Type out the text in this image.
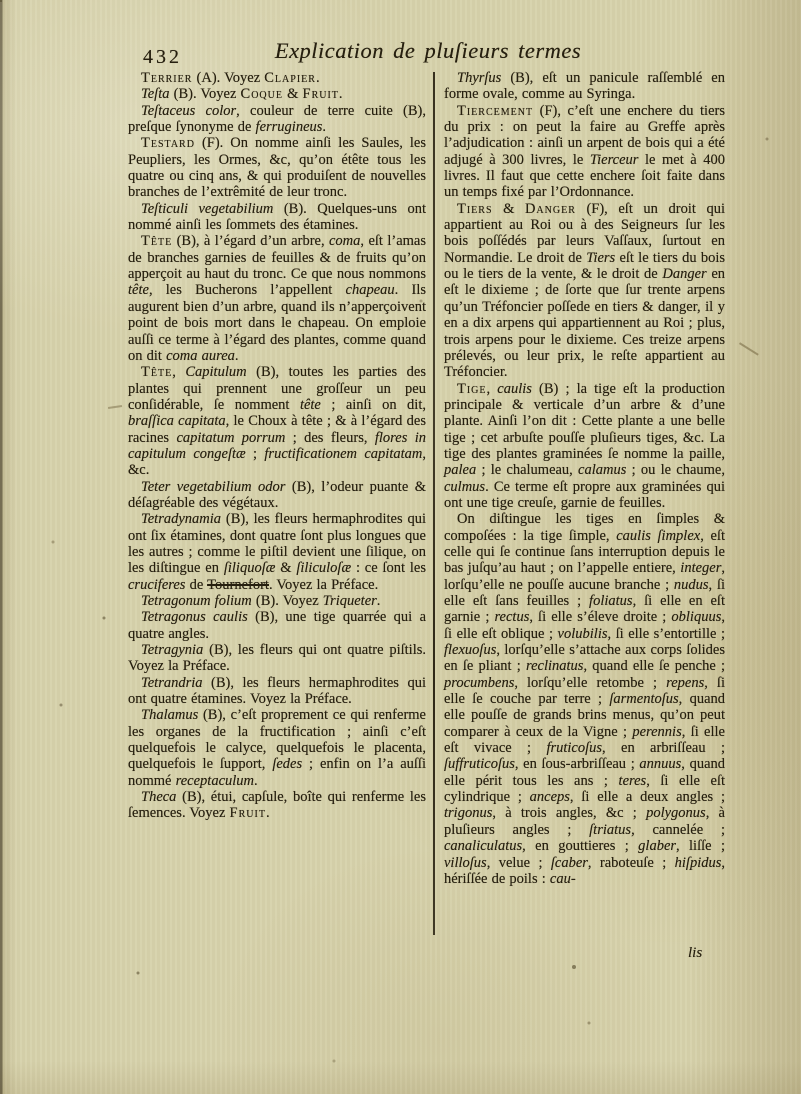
432	Explication de pluſieurs termes

Terrier (A). Voyez Clapier.

Teſta (B). Voyez Coque & Fruit.

Teſtaceus color, couleur de terre cuite (B), preſque ſynonyme de ferrugineus.

Testard (F). On nomme ainſi les Saules, les Peupliers, les Ormes, &c, qu’on étête tous les quatre ou cinq ans, & qui produiſent de nouvelles branches de l’extrêmité de leur tronc.

Teſticuli vegetabilium (B). Quelques-uns ont nommé ainſi les ſommets des étamines.

Tête (B), à l’égard d’un arbre, coma, eſt l’amas de branches garnies de feuilles & de fruits qu’on apperçoit au haut du tronc. Ce que nous nommons tête, les Bucherons l’appellent chapeau. Ils augurent bien d’un arbre, quand ils n’apperçoivent point de bois mort dans le chapeau. On emploie auſſi ce terme à l’égard des plantes, comme quand on dit coma aurea.

Tête, Capitulum (B), toutes les parties des plantes qui prennent une groſſeur un peu conſidérable, ſe nomment tête ; ainſi on dit, braſſica capitata, le Choux à tête ; & à l’égard des racines capitatum porrum ; des fleurs, flores in capitulum congeſtæ ; fructificationem capitatam, &c.

Teter vegetabilium odor (B), l’odeur puante & déſagréable des végétaux.

Tetradynamia (B), les fleurs hermaphrodites qui ont ſix étamines, dont quatre ſont plus longues que les autres ; comme le piſtil devient une ſilique, on les diſtingue en ſiliquoſæ & ſiliculoſæ : ce ſont les cruciferes de Tournefort. Voyez la Préface.

Tetragonum folium (B). Voyez Triqueter.

Tetragonus caulis (B), une tige quarrée qui a quatre angles.

Tetragynia (B), les fleurs qui ont quatre piſtils. Voyez la Préface.

Tetrandria (B), les fleurs hermaphrodites qui ont quatre étamines. Voyez la Préface.

Thalamus (B), c’eſt proprement ce qui renferme les organes de la fructification ; ainſi c’eſt quelquefois le calyce, quelquefois le placenta, quelquefois le ſupport, ſedes ; enfin on l’a auſſi nommé receptaculum.

Theca (B), étui, capſule, boîte qui renferme les ſemences. Voyez Fruit.

Thyrſus (B), eſt un panicule raſſemblé en forme ovale, comme au Syringa.

Tiercement (F), c’eſt une enchere du tiers du prix : on peut la faire au Greffe après l’adjudication : ainſi un arpent de bois qui a été adjugé à 300 livres, le Tierceur le met à 400 livres. Il faut que cette enchere ſoit faite dans un temps fixé par l’Ordonnance.

Tiers & Danger (F), eſt un droit qui appartient au Roi ou à des Seigneurs ſur les bois poſſédés par leurs Vaſſaux, ſurtout en Normandie. Le droit de Tiers eſt le tiers du bois ou le tiers de la vente, & le droit de Danger en eſt le dixieme ; de ſorte que ſur trente arpens qu’un Tréfoncier poſſede en tiers & danger, il y en a dix arpens qui appartiennent au Roi ; plus, trois arpens pour le dixieme. Ces treize arpens prélevés, ou leur prix, le reſte appartient au Tréfoncier.

Tige, caulis (B) ; la tige eſt la production principale & verticale d’un arbre & d’une plante. Ainſi l’on dit : Cette plante a une belle tige ; cet arbuſte pouſſe pluſieurs tiges, &c. La tige des plantes graminées ſe nomme la paille, palea ; le chalumeau, calamus ; ou le chaume, culmus. Ce terme eſt propre aux graminées qui ont une tige creuſe, garnie de feuilles.

On diſtingue les tiges en ſimples & compoſées : la tige ſimple, caulis ſimplex, eſt celle qui ſe continue ſans interruption depuis le bas juſqu’au haut ; on l’appelle entiere, integer, lorſqu’elle ne pouſſe aucune branche ; nudus, ſi elle eſt ſans feuilles ; foliatus, ſi elle en eſt garnie ; rectus, ſi elle s’éleve droite ; obliquus, ſi elle eſt oblique ; volubilis, ſi elle s’entortille ; flexuoſus, lorſqu’elle s’attache aux corps ſolides en ſe pliant ; reclinatus, quand elle ſe penche ; procumbens, lorſqu’elle retombe ; repens, ſi elle ſe couche par terre ; ſarmentoſus, quand elle pouſſe de grands brins menus, qu’on peut comparer à ceux de la Vigne ; perennis, ſi elle eſt vivace ; fruticoſus, en arbriſſeau ; ſuffruticoſus, en ſous-arbriſſeau ; annuus, quand elle périt tous les ans ; teres, ſi elle eſt cylindrique ; anceps, ſi elle a deux angles ; trigonus, à trois angles, &c ; polygonus, à pluſieurs angles ; ſtriatus, cannelée ; canaliculatus, en gouttieres ; glaber, liſſe ; villoſus, velue ; ſcaber, raboteuſe ; hiſpidus, hériſſée de poils : cau-

lis
